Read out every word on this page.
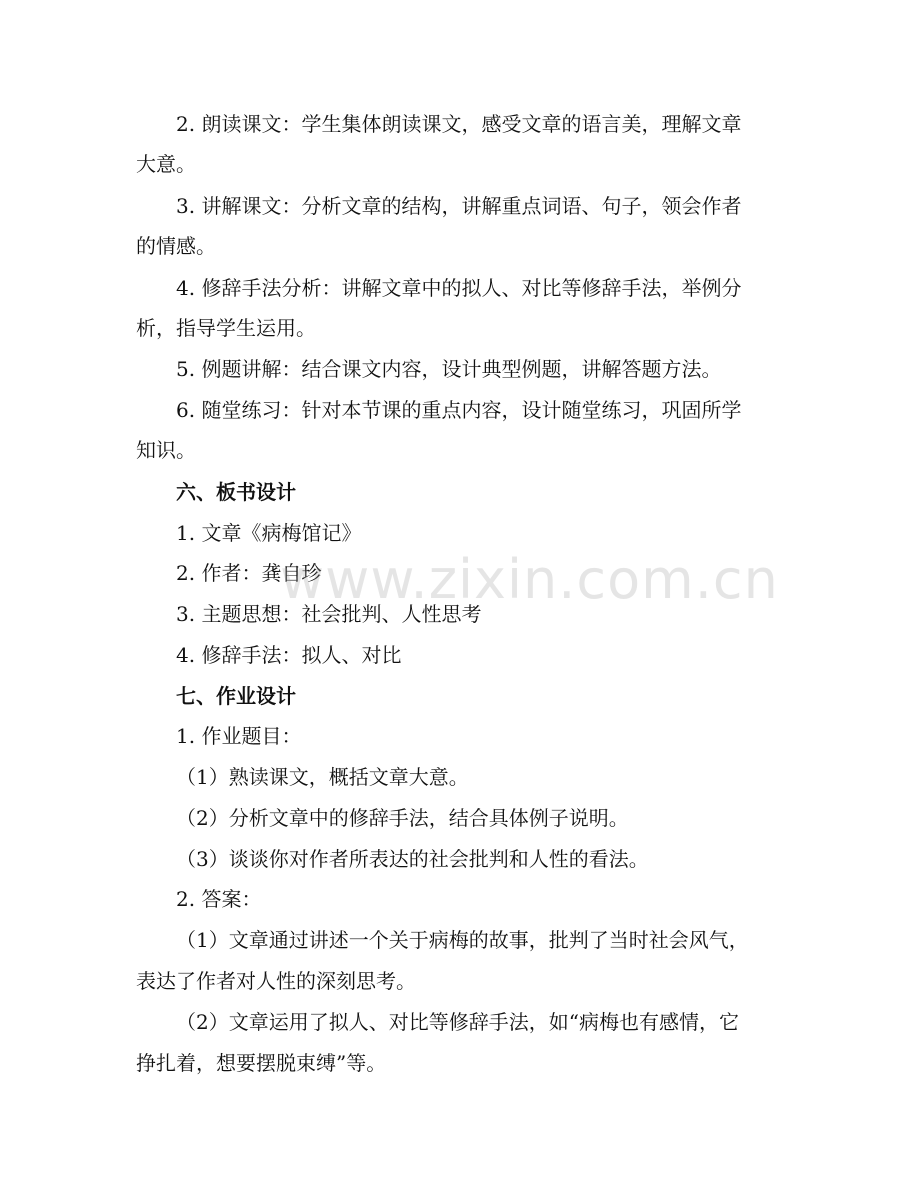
2. 朗读课文：学生集体朗读课文，感受文章的语言美，理解文章

大意。

3. 讲解课文：分析文章的结构，讲解重点词语、句子，领会作者

的情感。

4. 修辞手法分析：讲解文章中的拟人、对比等修辞手法，举例分

析，指导学生运用。

5. 例题讲解：结合课文内容，设计典型例题，讲解答题方法。

6. 随堂练习：针对本节课的重点内容，设计随堂练习，巩固所学

知识。

六、板书设计

1. 文章《病梅馆记》

2. 作者：龚自珍

3. 主题思想：社会批判、人性思考

4. 修辞手法：拟人、对比

七、作业设计

1. 作业题目：

（1）熟读课文，概括文章大意。

（2）分析文章中的修辞手法，结合具体例子说明。

（3）谈谈你对作者所表达的社会批判和人性的看法。

2. 答案：

（1）文章通过讲述一个关于病梅的故事，批判了当时社会风气，

表达了作者对人性的深刻思考。

（2）文章运用了拟人、对比等修辞手法，如“病梅也有感情，它

挣扎着，想要摆脱束缚”等。

www.zixin.com.cn
